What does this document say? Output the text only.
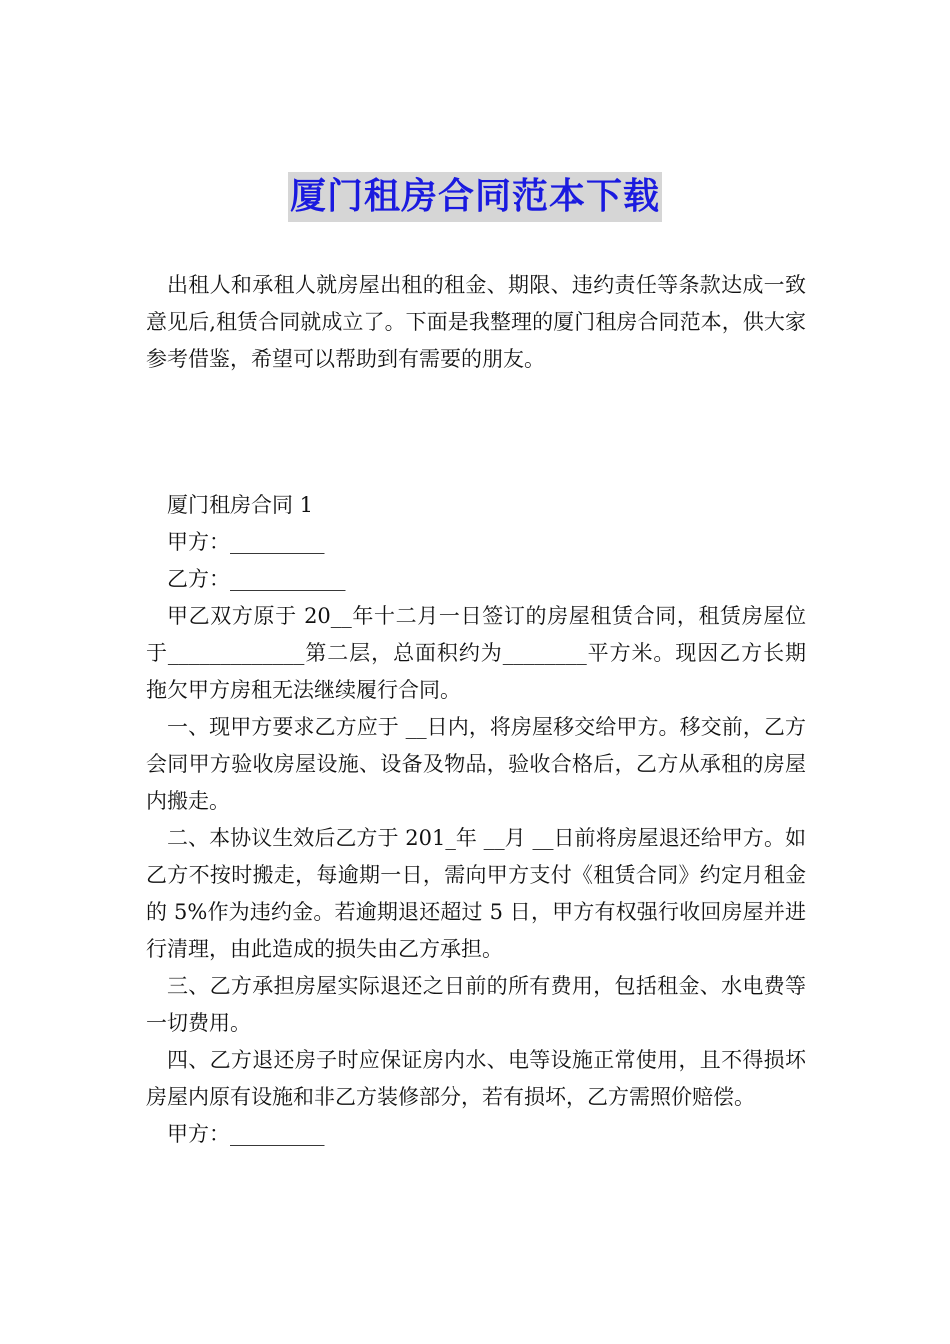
厦门租房合同范本下载

出租人和承租人就房屋出租的租金、期限、违约责任等条款达成一致意见后,租赁合同就成立了。下面是我整理的厦门租房合同范本，供大家参考借鉴，希望可以帮助到有需要的朋友。

厦门租房合同 1

甲方：_________

乙方：___________

甲乙双方原于 20__年十二月一日签订的房屋租赁合同，租赁房屋位于_____________第二层，总面积约为________平方米。现因乙方长期拖欠甲方房租无法继续履行合同。

一、现甲方要求乙方应于 __日内，将房屋移交给甲方。移交前，乙方会同甲方验收房屋设施、设备及物品，验收合格后，乙方从承租的房屋内搬走。

二、本协议生效后乙方于 201_年 __月 __日前将房屋退还给甲方。如乙方不按时搬走，每逾期一日，需向甲方支付《租赁合同》约定月租金的 5%作为违约金。若逾期退还超过 5 日，甲方有权强行收回房屋并进行清理，由此造成的损失由乙方承担。

三、乙方承担房屋实际退还之日前的所有费用，包括租金、水电费等一切费用。

四、乙方退还房子时应保证房内水、电等设施正常使用，且不得损坏房屋内原有设施和非乙方装修部分，若有损坏，乙方需照价赔偿。

甲方：_________
